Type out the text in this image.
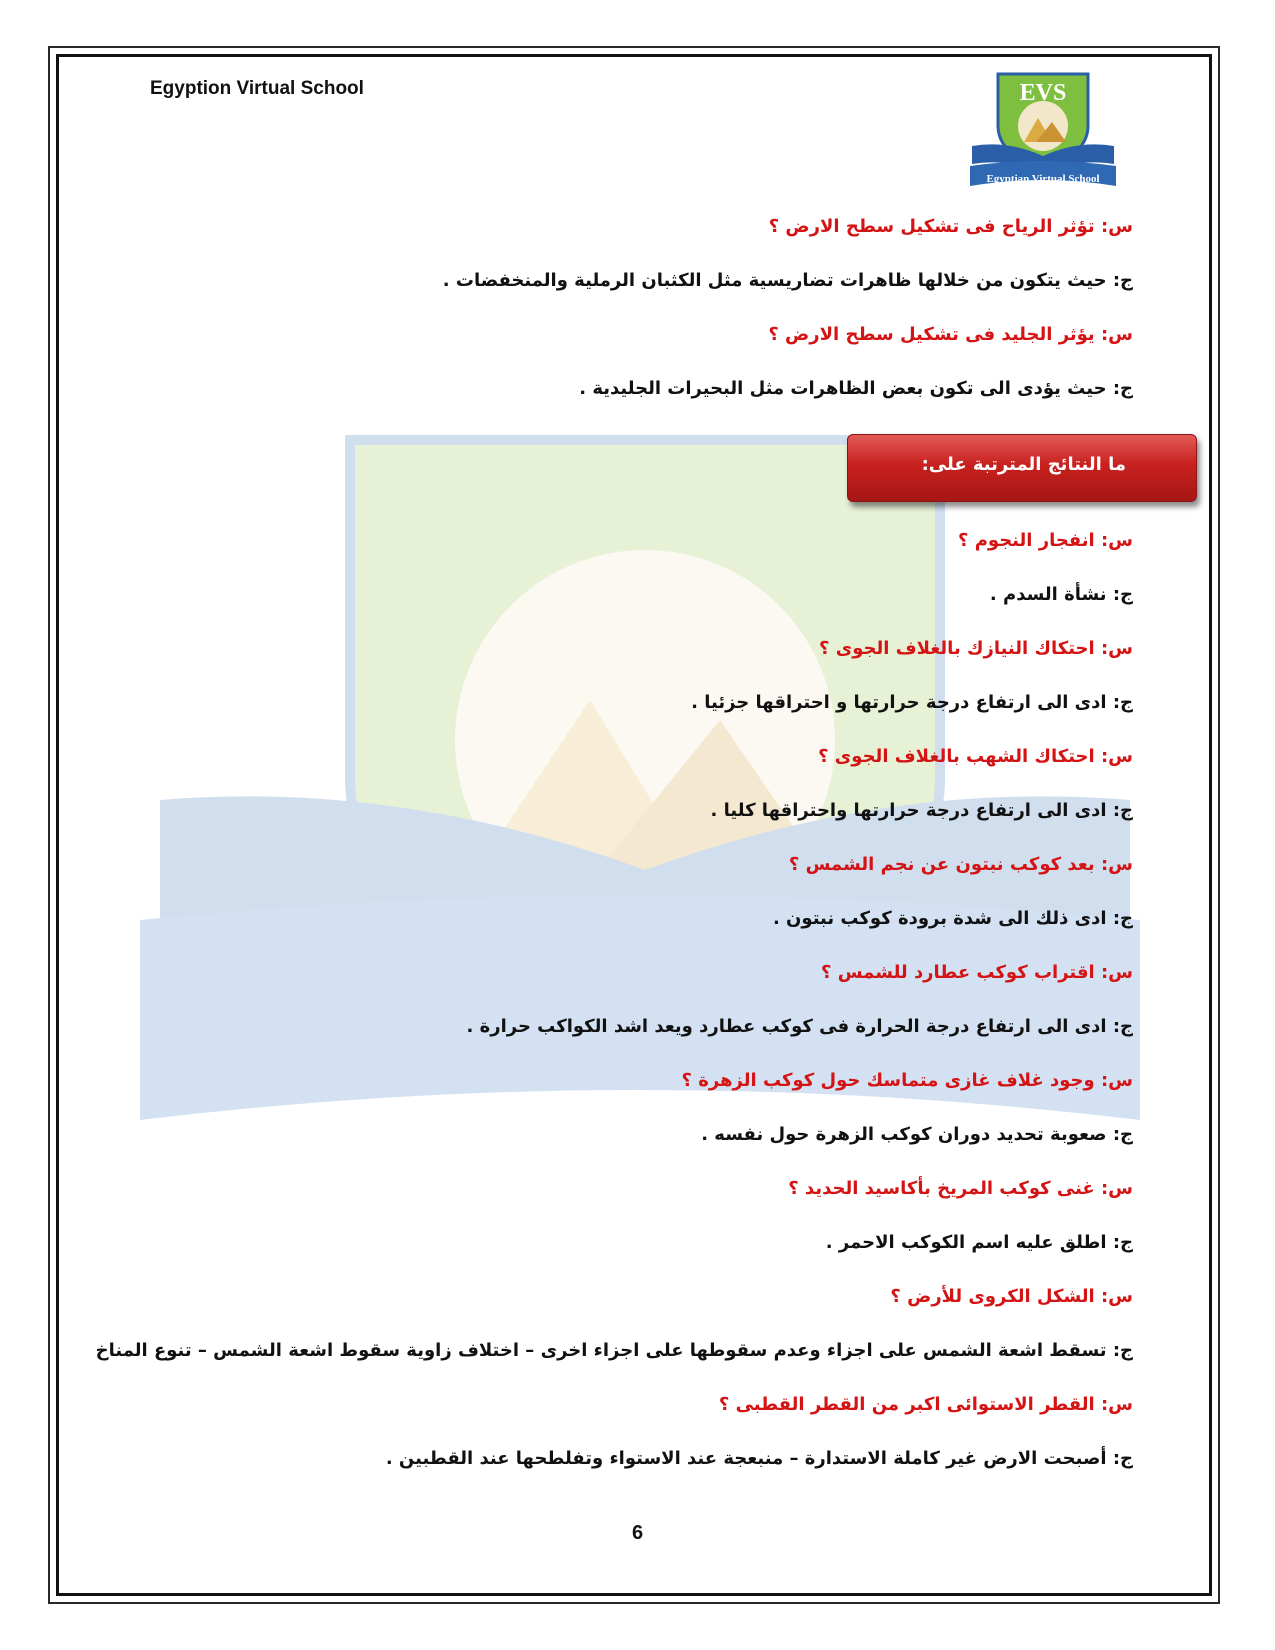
Egyption Virtual School	EVS
Egyptian Virtual School
س: تؤثر الرياح فى تشكيل سطح الارض ؟
ج: حيث يتكون من خلالها ظاهرات تضاريسية مثل الكثبان الرملية والمنخفضات .
س: يؤثر الجليد فى تشكيل سطح الارض ؟
ج: حيث يؤدى الى تكون بعض الظاهرات مثل البحيرات الجليدية .
س: انفجار النجوم ؟
ج: نشأة السدم .
س: احتكاك النيازك بالغلاف الجوى ؟
ج: ادى الى ارتفاع درجة حرارتها و احتراقها جزئيا .
س: احتكاك الشهب بالغلاف الجوى ؟
ج: ادى الى ارتفاع درجة حرارتها واحتراقها كليا .
س: بعد كوكب نبتون عن نجم الشمس ؟
ج: ادى ذلك الى شدة برودة كوكب نبتون .
س: اقتراب كوكب عطارد للشمس ؟
ج: ادى الى ارتفاع درجة الحرارة فى كوكب عطارد ويعد اشد الكواكب حرارة .
س: وجود غلاف غازى متماسك حول كوكب الزهرة ؟
ج: صعوبة تحديد دوران كوكب الزهرة حول نفسه .
س: غنى كوكب المريخ بأكاسيد الحديد ؟
ج: اطلق عليه اسم الكوكب الاحمر .
س: الشكل الكروى للأرض ؟
ج: تسقط اشعة الشمس على اجزاء وعدم سقوطها على اجزاء اخرى – اختلاف زاوية سقوط اشعة الشمس – تنوع المناخ
س: القطر الاستوائى اكبر من القطر القطبى ؟
ج: أصبحت الارض غير كاملة الاستدارة – منبعجة عند الاستواء وتفلطحها عند القطبين .
ما النتائج المترتبة على:
6
